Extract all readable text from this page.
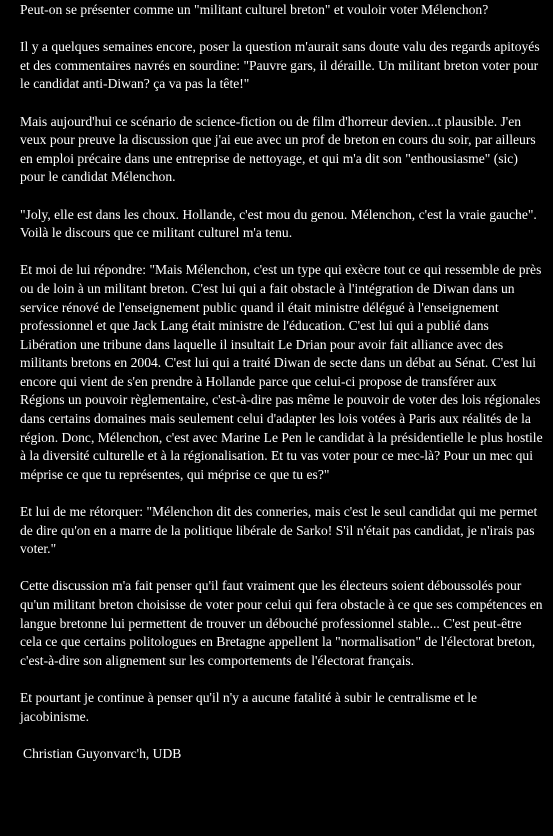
Peut-on se présenter comme un "militant culturel breton" et vouloir voter Mélenchon?

Il y a quelques semaines encore, poser la question m'aurait sans doute valu des regards apitoyés et des commentaires navrés en sourdine: "Pauvre gars, il déraille. Un militant breton voter pour le candidat anti-Diwan? ça va pas la tête!"

Mais aujourd'hui ce scénario de science-fiction ou de film d'horreur devien...t plausible. J'en veux pour preuve la discussion que j'ai eue avec un prof de breton en cours du soir, par ailleurs en emploi précaire dans une entreprise de nettoyage, et qui m'a dit son "enthousiasme" (sic) pour le candidat Mélenchon.

"Joly, elle est dans les choux. Hollande, c'est mou du genou. Mélenchon, c'est la vraie gauche". Voilà le discours que ce militant culturel m'a tenu.

Et moi de lui répondre: "Mais Mélenchon, c'est un type qui exècre tout ce qui ressemble de près ou de loin à un militant breton. C'est lui qui a fait obstacle à l'intégration de Diwan dans un service rénové de l'enseignement public quand il était ministre délégué à l'enseignement professionnel et que Jack Lang était ministre de l'éducation. C'est lui qui a publié dans Libération une tribune dans laquelle il insultait Le Drian pour avoir fait alliance avec des militants bretons en 2004. C'est lui qui a traité Diwan de secte dans un débat au Sénat. C'est lui encore qui vient de s'en prendre à Hollande parce que celui-ci propose de transférer aux Régions un pouvoir règlementaire, c'est-à-dire pas même le pouvoir de voter des lois régionales dans certains domaines mais seulement celui d'adapter les lois votées à Paris aux réalités de la région. Donc, Mélenchon, c'est avec Marine Le Pen le candidat à la présidentielle le plus hostile à la diversité culturelle et à la régionalisation. Et tu vas voter pour ce mec-là? Pour un mec qui méprise ce que tu représentes, qui méprise ce que tu es?"

Et lui de me rétorquer: "Mélenchon dit des conneries, mais c'est le seul candidat qui me permet de dire qu'on en a marre de la politique libérale de Sarko! S'il n'était pas candidat, je n'irais pas voter."

Cette discussion m'a fait penser qu'il faut vraiment que les électeurs soient déboussolés pour qu'un militant breton choisisse de voter pour celui qui fera obstacle à ce que ses compétences en langue bretonne lui permettent de trouver un débouché professionnel stable... C'est peut-être cela ce que certains politologues en Bretagne appellent la "normalisation" de l'électorat breton, c'est-à-dire son alignement sur les comportements de l'électorat français.

Et pourtant je continue à penser qu'il n'y a aucune fatalité à subir le centralisme et le jacobinisme.

Christian Guyonvarc'h, UDB
